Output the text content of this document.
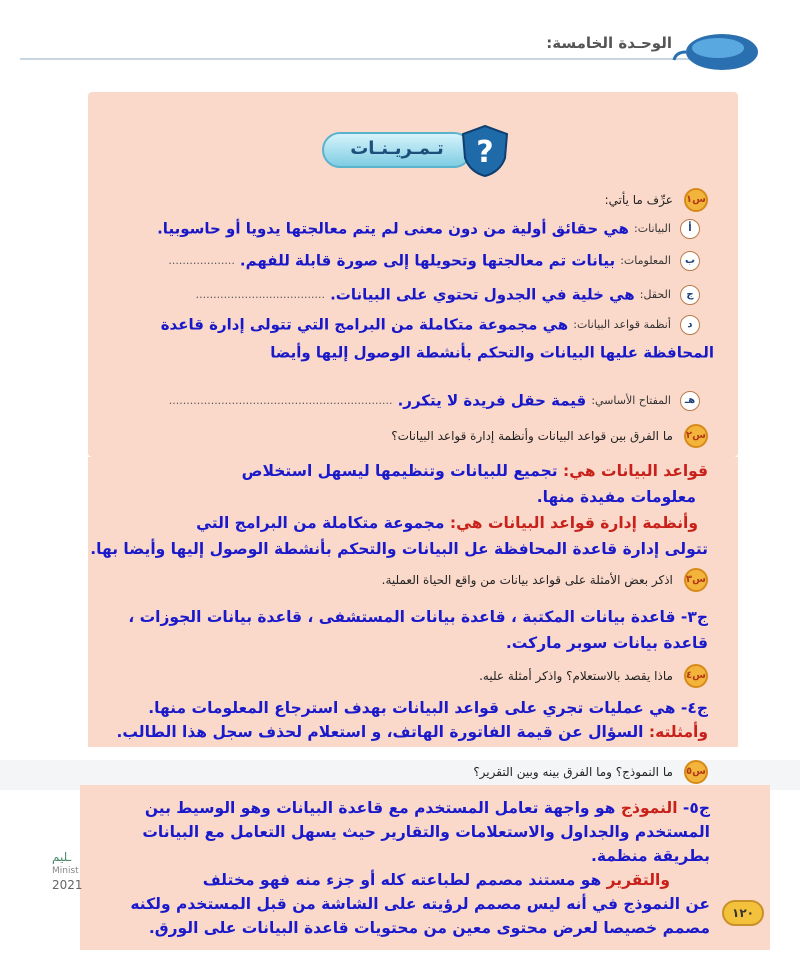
الوحـدة الخامسة:
تـمـريـنـات	?
س١ عرِّف ما يأتي:
أ البيانات: هي حقائق أولية من دون معنى لم يتم معالجتها يدويا أو حاسوبيا.
ب المعلومات: بيانات تم معالجتها وتحويلها إلى صورة قابلة للفهم. ...................
ج الحقل: هي خلية في الجدول تحتوي على البيانات. .....................................
د أنظمة قواعد البيانات: هي مجموعة متكاملة من البرامج التي تتولى إدارة قاعدة
المحافظة عليها البيانات والتحكم بأنشطة الوصول إليها وأيضا
هـ المفتاح الأساسي: قيمة حقل فريدة لا يتكرر. ................................................................
س٢ ما الفرق بين قواعد البيانات وأنظمة إدارة قواعد البيانات؟
قواعد البيانات هي: تجميع للبيانات وتنظيمها ليسهل استخلاص
معلومات مفيدة منها.
وأنظمة إدارة قواعد البيانات هي: مجموعة متكاملة من البرامج التي
تتولى إدارة قاعدة المحافظة عل البيانات والتحكم بأنشطة الوصول إليها وأيضا بها.
س٣ اذكر بعض الأمثلة على قواعد بيانات من واقع الحياة العملية.
ج٣- قاعدة بيانات المكتبة ، قاعدة بيانات المستشفى ، قاعدة بيانات الجوزات ،
قاعدة بيانات سوبر ماركت.
س٤ ماذا يقصد بالاستعلام؟ واذكر أمثلة عليه.
ج٤- هي عمليات تجري على قواعد البيانات بهدف استرجاع المعلومات منها.
وأمثلته: السؤال عن قيمة الفاتورة الهاتف، و استعلام لحذف سجل هذا الطالب.
س٥ ما النموذج؟ وما الفرق بينه وبين التقرير؟
ج٥- النموذج هو واجهة تعامل المستخدم مع قاعدة البيانات وهو الوسيط بين
المستخدم والجداول والاستعلامات والتقارير حيث يسهل التعامل مع البيانات
بطريقة منظمة.
والتقرير هو مستند مصمم لطباعته كله أو جزء منه فهو مختلف
عن النموذج في أنه ليس مصمم لرؤيته على الشاشة من قبل المستخدم ولكنه
مصمم خصيصا لعرض محتوى معين من محتويات قاعدة البيانات على الورق.
ـليم
Minist
2021
١٢٠
